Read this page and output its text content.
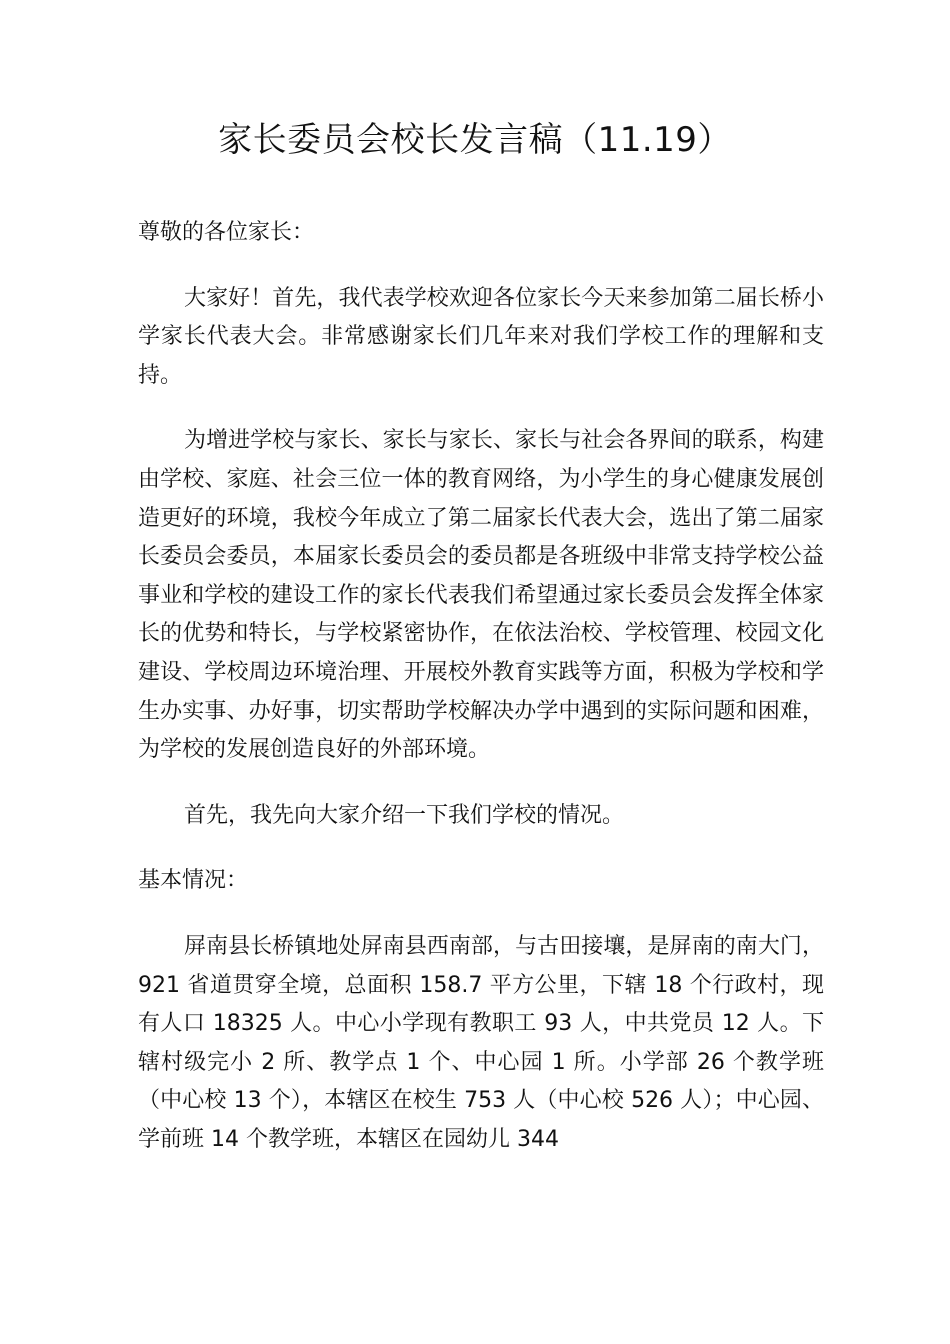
家长委员会校长发言稿（11.19）

尊敬的各位家长：

大家好！首先，我代表学校欢迎各位家长今天来参加第二届长桥小学家长代表大会。非常感谢家长们几年来对我们学校工作的理解和支持。

为增进学校与家长、家长与家长、家长与社会各界间的联系，构建由学校、家庭、社会三位一体的教育网络，为小学生的身心健康发展创造更好的环境，我校今年成立了第二届家长代表大会，选出了第二届家长委员会委员，本届家长委员会的委员都是各班级中非常支持学校公益事业和学校的建设工作的家长代表我们希望通过家长委员会发挥全体家长的优势和特长，与学校紧密协作，在依法治校、学校管理、校园文化建设、学校周边环境治理、开展校外教育实践等方面，积极为学校和学生办实事、办好事，切实帮助学校解决办学中遇到的实际问题和困难，为学校的发展创造良好的外部环境。

首先，我先向大家介绍一下我们学校的情况。

基本情况：

屏南县长桥镇地处屏南县西南部，与古田接壤，是屏南的南大门，921 省道贯穿全境，总面积 158.7 平方公里，下辖 18 个行政村，现有人口 18325 人。中心小学现有教职工 93 人，中共党员 12 人。下辖村级完小 2 所、教学点 1 个、中心园 1 所。小学部 26 个教学班（中心校 13 个），本辖区在校生 753 人（中心校 526 人）；中心园、学前班 14 个教学班，本辖区在园幼儿 344
